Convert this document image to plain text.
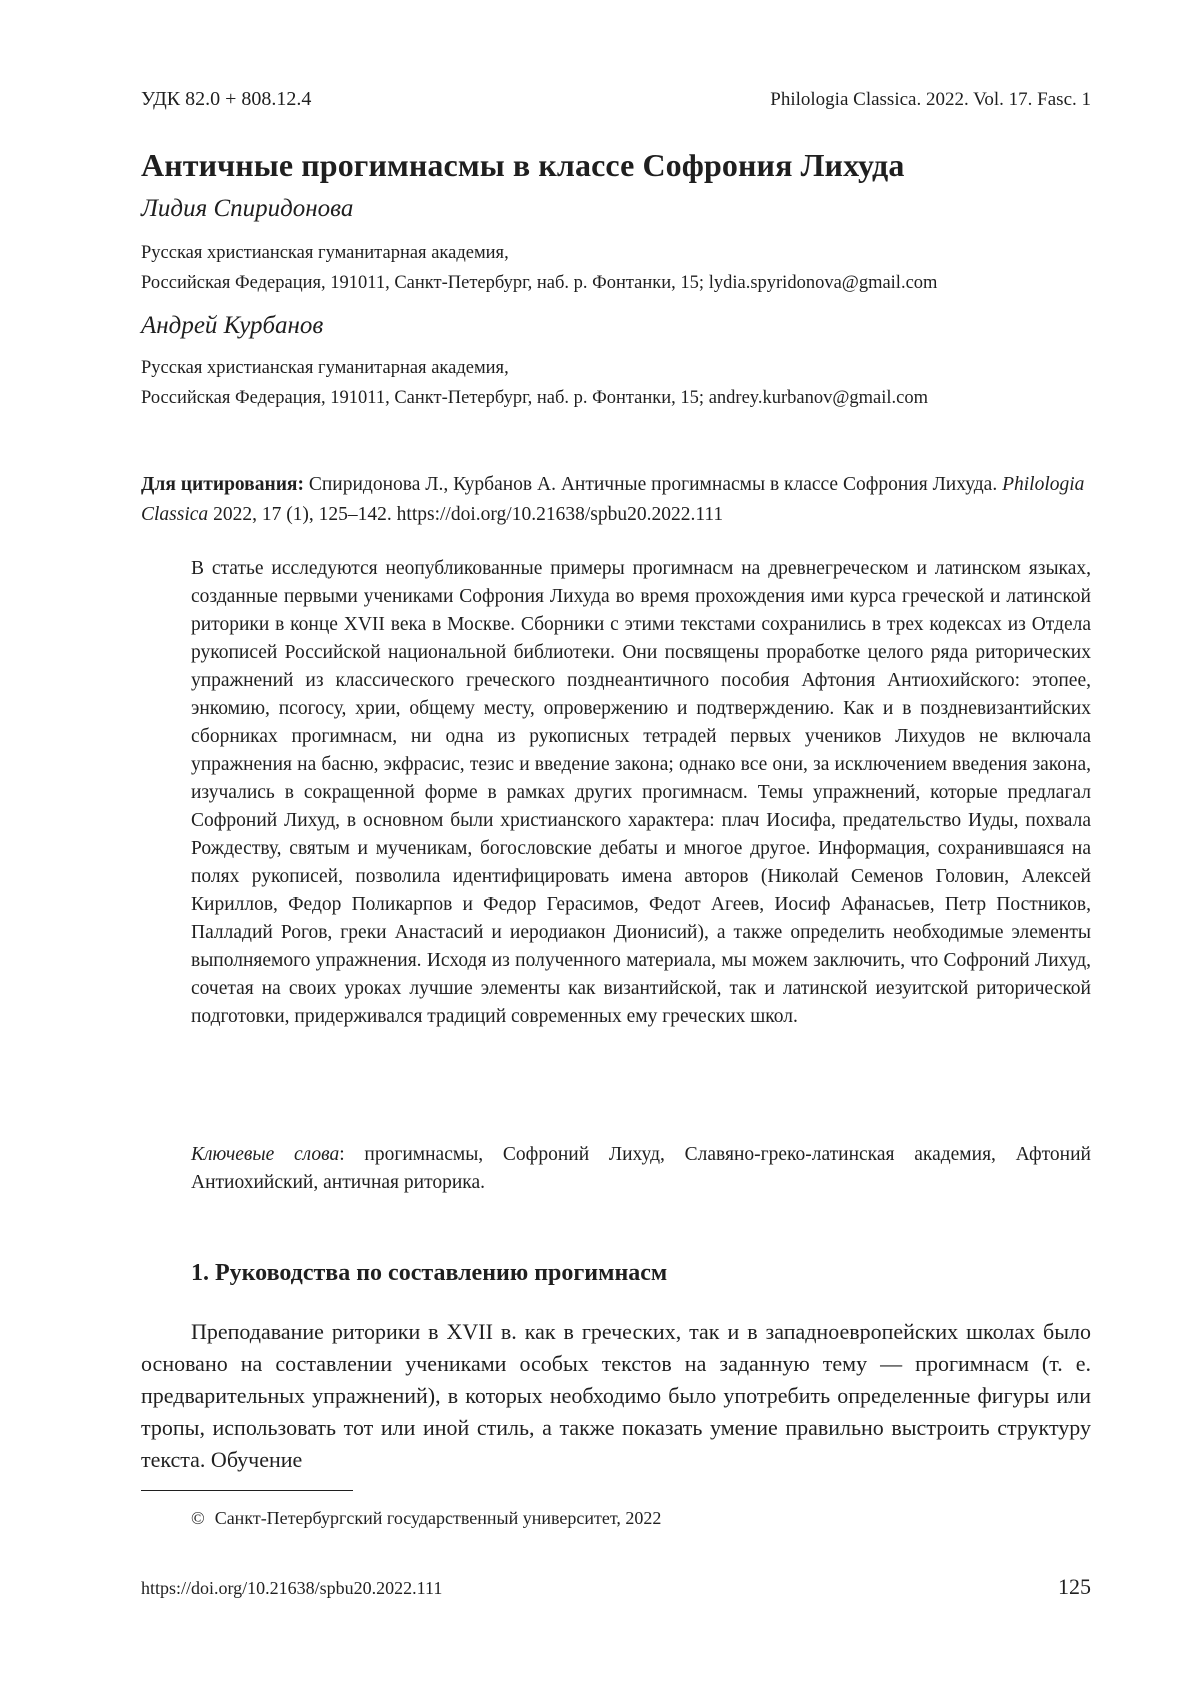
УДК 82.0 + 808.12.4	Philologia Classica. 2022. Vol. 17. Fasc. 1
Античные прогимнасмы в классе Софрония Лихуда

Лидия Спиридонова

Русская христианская гуманитарная академия,
Российская Федерация, 191011, Санкт-Петербург, наб. р. Фонтанки, 15; lydia.spyridonova@gmail.com

Андрей Курбанов

Русская христианская гуманитарная академия,
Российская Федерация, 191011, Санкт-Петербург, наб. р. Фонтанки, 15; andrey.kurbanov@gmail.com

Для цитирования: Спиридонова Л., Курбанов А. Античные прогимнасмы в классе Софрония Лихуда. Philologia Classica 2022, 17 (1), 125–142. https://doi.org/10.21638/spbu20.2022.111

В статье исследуются неопубликованные примеры прогимнасм на древнегреческом и латинском языках, созданные первыми учениками Софрония Лихуда во время прохождения ими курса греческой и латинской риторики в конце XVII века в Москве. Сборники с этими текстами сохранились в трех кодексах из Отдела рукописей Российской национальной библиотеки. Они посвящены проработке целого ряда риторических упражнений из классического греческого позднеантичного пособия Афтония Антиохийского: этопее, энкомию, псогосу, хрии, общему месту, опровержению и подтверждению. Как и в поздневизантийских сборниках прогимнасм, ни одна из рукописных тетрадей первых учеников Лихудов не включала упражнения на басню, экфрасис, тезис и введение закона; однако все они, за исключением введения закона, изучались в сокращенной форме в рамках других прогимнасм. Темы упражнений, которые предлагал Софроний Лихуд, в основном были христианского характера: плач Иосифа, предательство Иуды, похвала Рождеству, святым и мученикам, богословские дебаты и многое другое. Информация, сохранившаяся на полях рукописей, позволила идентифицировать имена авторов (Николай Семенов Головин, Алексей Кириллов, Федор Поликарпов и Федор Герасимов, Федот Агеев, Иосиф Афанасьев, Петр Постников, Палладий Рогов, греки Анастасий и иеродиакон Дионисий), а также определить необходимые элементы выполняемого упражнения. Исходя из полученного материала, мы можем заключить, что Софроний Лихуд, сочетая на своих уроках лучшие элементы как византийской, так и латинской иезуитской риторической подготовки, придерживался традиций современных ему греческих школ.

Ключевые слова: прогимнасмы, Софроний Лихуд, Славяно-греко-латинская академия, Афтоний Антиохийский, античная риторика.

1. Руководства по составлению прогимнасм

Преподавание риторики в XVII в. как в греческих, так и в западноевропейских школах было основано на составлении учениками особых текстов на заданную тему — прогимнасм (т. е. предварительных упражнений), в которых необходимо было употребить определенные фигуры или тропы, использовать тот или иной стиль, а также показать умение правильно выстроить структуру текста. Обучение

© Санкт-Петербургский государственный университет, 2022

https://doi.org/10.21638/spbu20.2022.111	125
